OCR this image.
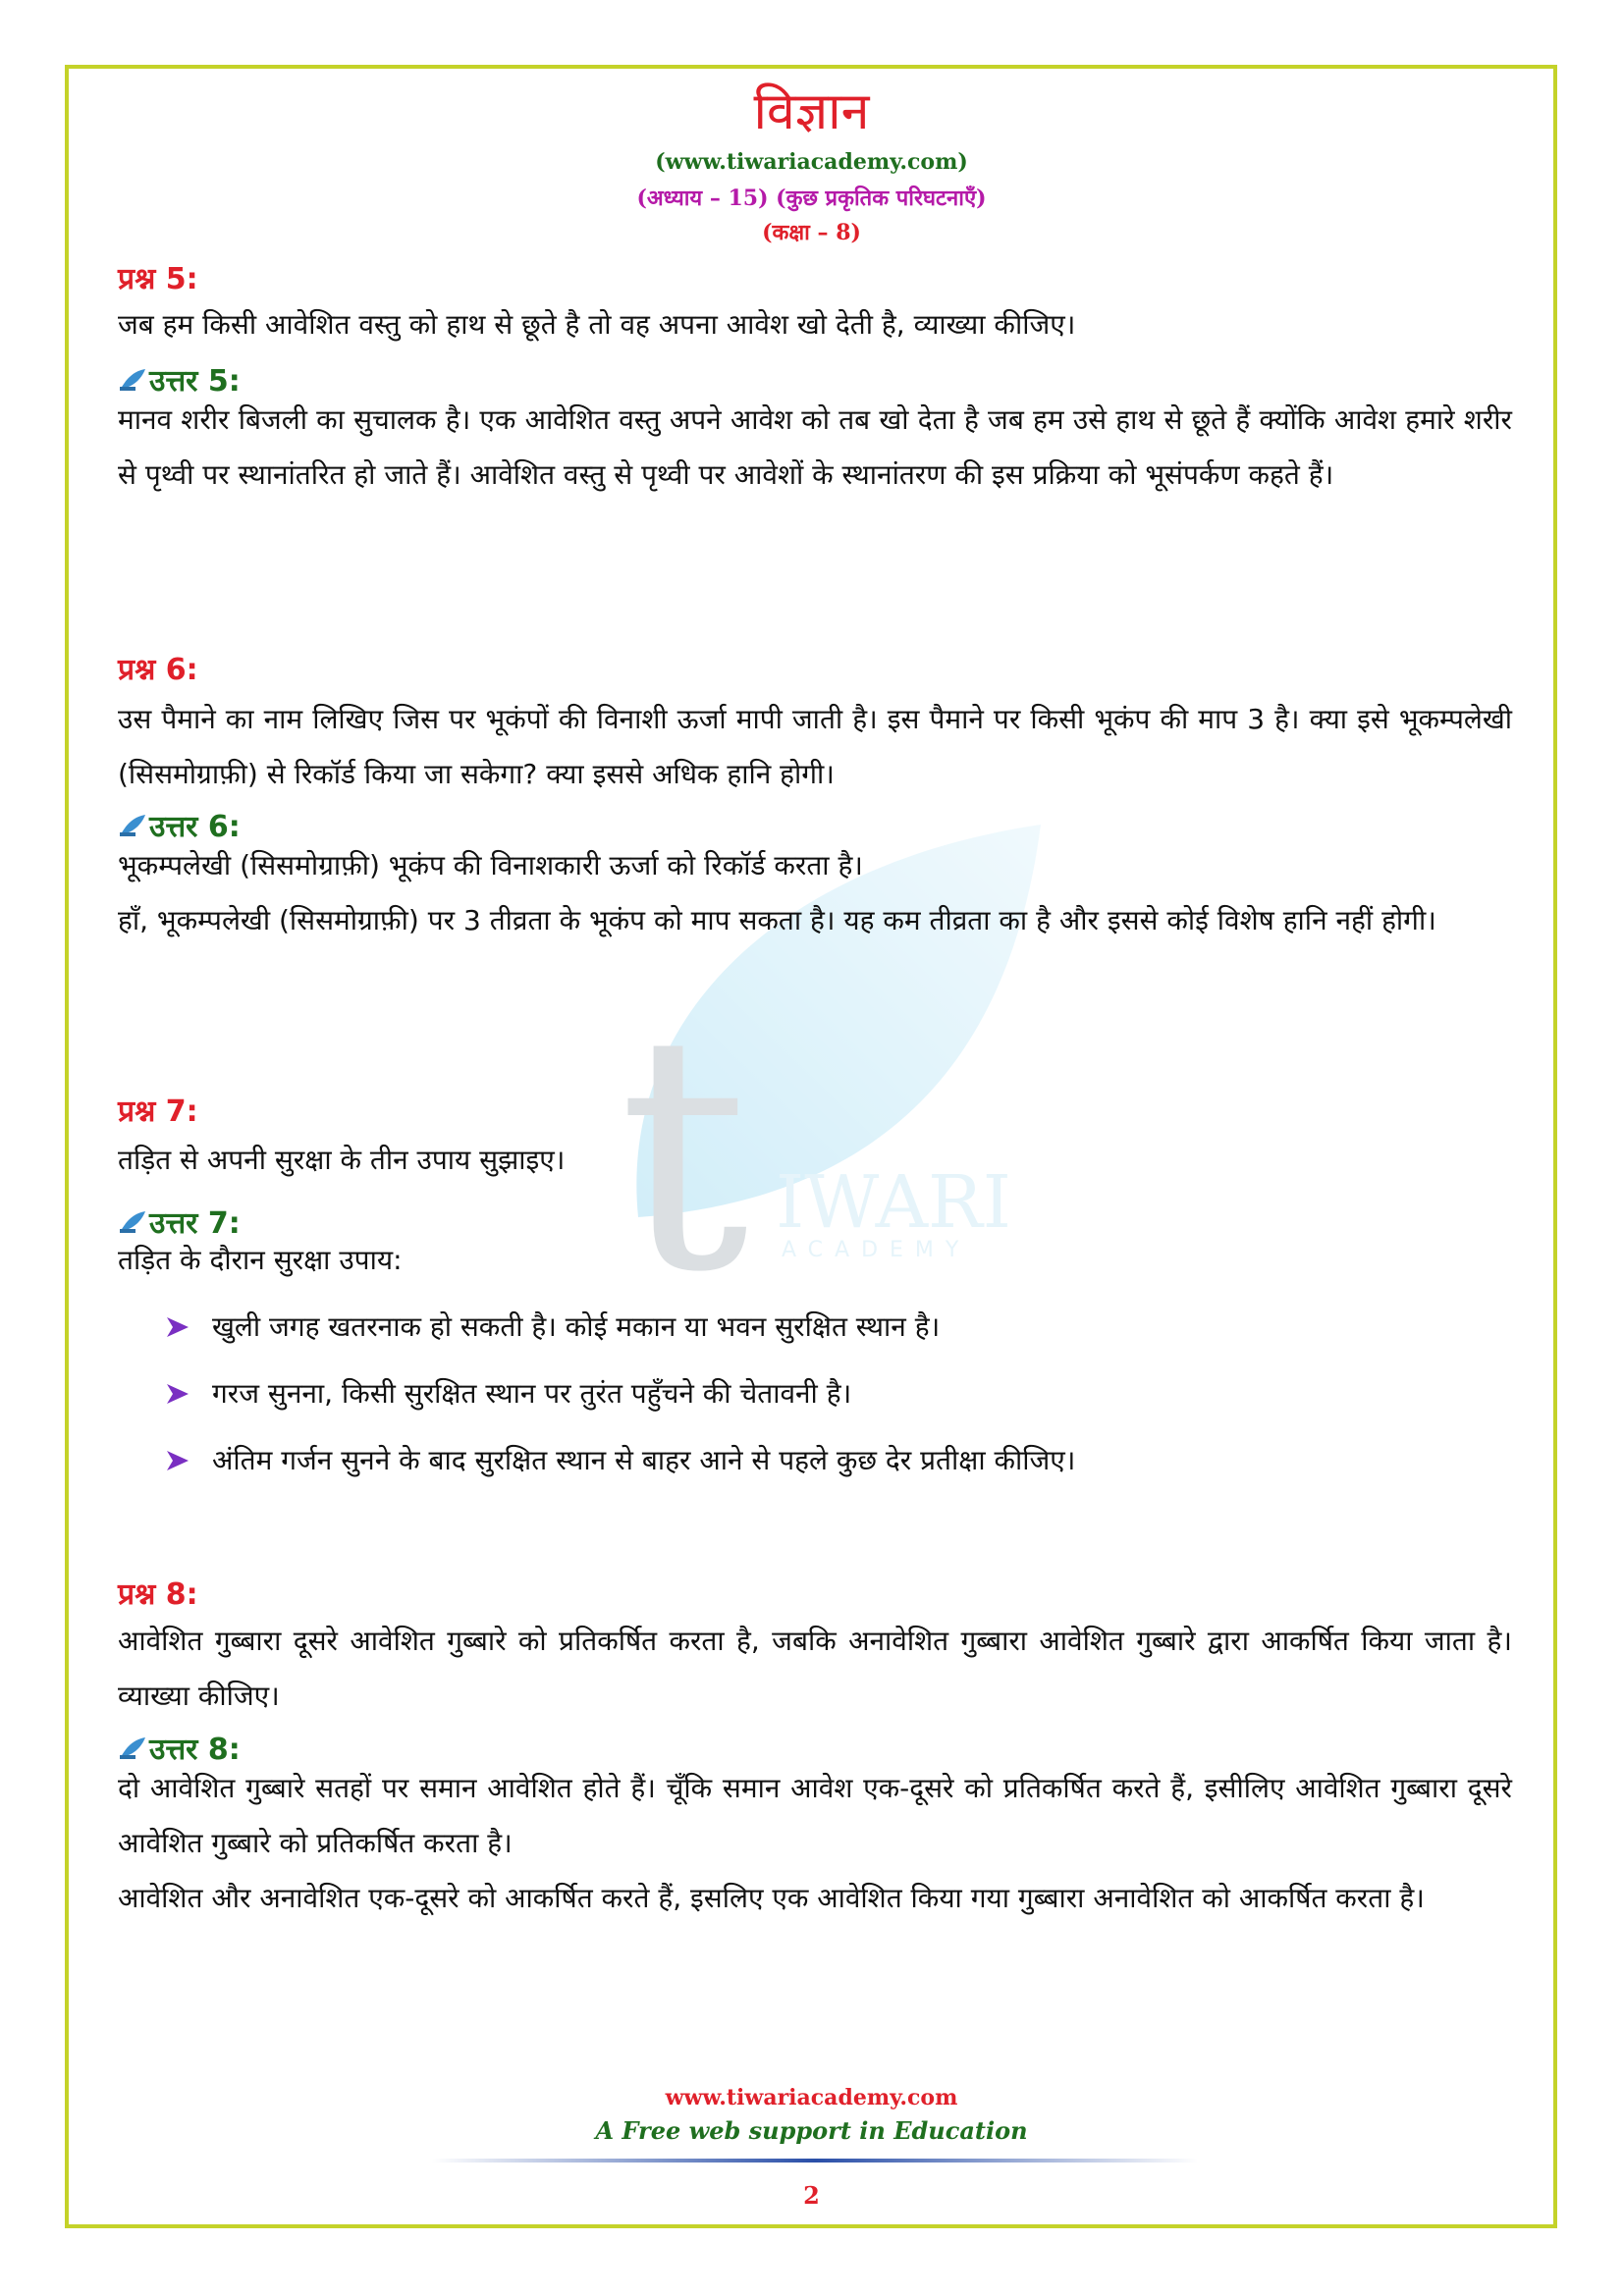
t IWARI
ACADEMY
विज्ञान
(www.tiwariacademy.com)
(अध्याय – 15) (कुछ प्रकृतिक परिघटनाएँ)
(कक्षा – 8)
प्रश्न 5:

जब हम किसी आवेशित वस्तु को हाथ से छूते है तो वह अपना आवेश खो देती है, व्याख्या कीजिए।

उत्तर 5:

मानव शरीर बिजली का सुचालक है। एक आवेशित वस्तु अपने आवेश को तब खो देता है जब हम उसे हाथ से छूते हैं क्योंकि आवेश हमारे शरीर से पृथ्वी पर स्थानांतरित हो जाते हैं। आवेशित वस्तु से पृथ्वी पर आवेशों के स्थानांतरण की इस प्रक्रिया को भूसंपर्कण कहते हैं।

प्रश्न 6:

उस पैमाने का नाम लिखिए जिस पर भूकंपों की विनाशी ऊर्जा मापी जाती है। इस पैमाने पर किसी भूकंप की माप 3 है। क्या इसे भूकम्पलेखी (सिसमोग्राफ़ी) से रिकॉर्ड किया जा सकेगा? क्या इससे अधिक हानि होगी।

उत्तर 6:

भूकम्पलेखी (सिसमोग्राफ़ी) भूकंप की विनाशकारी ऊर्जा को रिकॉर्ड करता है।

हाँ, भूकम्पलेखी (सिसमोग्राफ़ी) पर 3 तीव्रता के भूकंप को माप सकता है। यह कम तीव्रता का है और इससे कोई विशेष हानि नहीं होगी।

प्रश्न 7:

तड़ित से अपनी सुरक्षा के तीन उपाय सुझाइए।

उत्तर 7:

तड़ित के दौरान सुरक्षा उपाय:

खुली जगह खतरनाक हो सकती है। कोई मकान या भवन सुरक्षित स्थान है।
गरज सुनना, किसी सुरक्षित स्थान पर तुरंत पहुँचने की चेतावनी है।
अंतिम गर्जन सुनने के बाद सुरक्षित स्थान से बाहर आने से पहले कुछ देर प्रतीक्षा कीजिए।
प्रश्न 8:

आवेशित गुब्बारा दूसरे आवेशित गुब्बारे को प्रतिकर्षित करता है, जबकि अनावेशित गुब्बारा आवेशित गुब्बारे द्वारा आकर्षित किया जाता है। व्याख्या कीजिए।

उत्तर 8:

दो आवेशित गुब्बारे सतहों पर समान आवेशित होते हैं। चूँकि समान आवेश एक-दूसरे को प्रतिकर्षित करते हैं, इसीलिए आवेशित गुब्बारा दूसरे आवेशित गुब्बारे को प्रतिकर्षित करता है।

आवेशित और अनावेशित एक-दूसरे को आकर्षित करते हैं, इसलिए एक आवेशित किया गया गुब्बारा अनावेशित को आकर्षित करता है।

www.tiwariacademy.com
A Free web support in Education
2
